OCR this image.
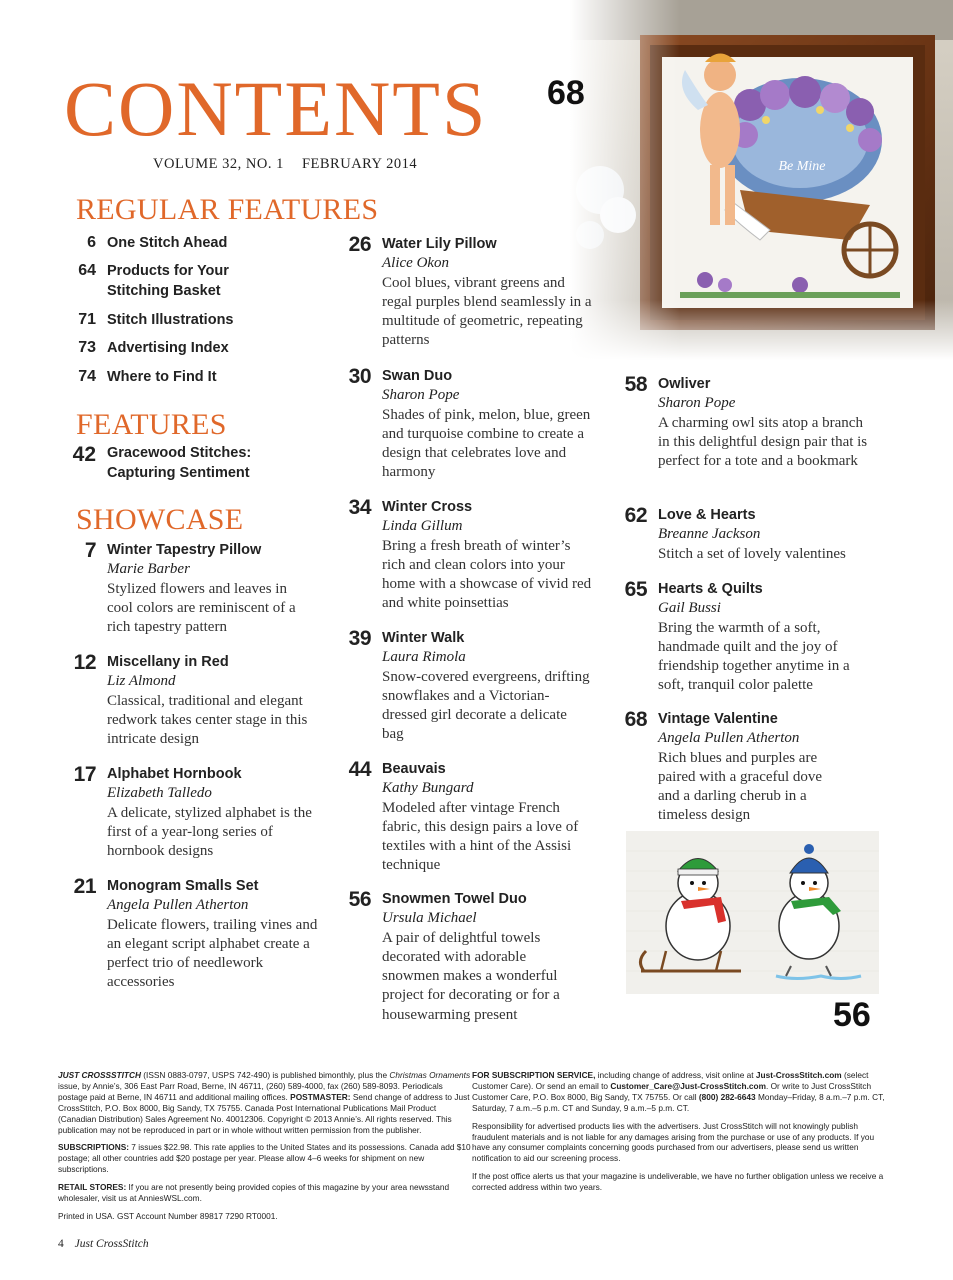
CONTENTS
VOLUME 32, NO. 1 FEBRUARY 2014	Be Mine
68
REGULAR FEATURES
FEATURES
SHOWCASE
6 One Stitch Ahead
64 Products for Your Stitching Basket
71 Stitch Illustrations
73 Advertising Index
74 Where to Find It
42 Gracewood Stitches: Capturing Sentiment
7 Winter Tapestry Pillow
Marie Barber
Stylized flowers and leaves in cool colors are reminiscent of a rich tapestry pattern
12 Miscellany in Red
Liz Almond
Classical, traditional and elegant redwork takes center stage in this intricate design
17 Alphabet Hornbook
Elizabeth Talledo
A delicate, stylized alphabet is the first of a year-long series of hornbook designs
21 Monogram Smalls Set
Angela Pullen Atherton
Delicate flowers, trailing vines and an elegant script alphabet create a perfect trio of needlework accessories
26 Water Lily Pillow
Alice Okon
Cool blues, vibrant greens and regal purples blend seamlessly in a multitude of geometric, repeating patterns
30 Swan Duo
Sharon Pope
Shades of pink, melon, blue, green and turquoise combine to create a design that celebrates love and harmony
34 Winter Cross
Linda Gillum
Bring a fresh breath of winter’s rich and clean colors into your home with a showcase of vivid red and white poinsettias
39 Winter Walk
Laura Rimola
Snow-covered evergreens, drifting snowflakes and a Victorian-dressed girl decorate a delicate bag
44 Beauvais
Kathy Bungard
Modeled after vintage French fabric, this design pairs a love of textiles with a hint of the Assisi technique
56 Snowmen Towel Duo
Ursula Michael
A pair of delightful towels decorated with adorable snowmen makes a wonderful project for decorating or for a housewarming present
58 Owliver
Sharon Pope
A charming owl sits atop a branch in this delightful design pair that is perfect for a tote and a bookmark
62 Love & Hearts
Breanne Jackson
Stitch a set of lovely valentines
65 Hearts & Quilts
Gail Bussi
Bring the warmth of a soft, handmade quilt and the joy of friendship together anytime in a soft, tranquil color palette
68 Vintage Valentine
Angela Pullen Atherton
Rich blues and purples are paired with a graceful dove and a darling cherub in a timeless design
56

JUST CROSSSTITCH (ISSN 0883-0797, USPS 742-490) is published bimonthly, plus the Christmas Ornaments issue, by Annie’s, 306 East Parr Road, Berne, IN 46711, (260) 589-4000, fax (260) 589-8093. Periodicals postage paid at Berne, IN 46711 and additional mailing offices. POSTMASTER: Send change of address to Just CrossStitch, P.O. Box 8000, Big Sandy, TX 75755. Canada Post International Publications Mail Product (Canadian Distribution) Sales Agreement No. 40012306. Copyright © 2013 Annie’s. All rights reserved. This publication may not be reproduced in part or in whole without written permission from the publisher.

SUBSCRIPTIONS: 7 issues $22.98. This rate applies to the United States and its possessions. Canada add $10 postage; all other countries add $20 postage per year. Please allow 4–6 weeks for shipment on new subscriptions.

RETAIL STORES: If you are not presently being provided copies of this magazine by your area newsstand wholesaler, visit us at AnniesWSL.com.

Printed in USA. GST Account Number 89817 7290 RT0001.

FOR SUBSCRIPTION SERVICE, including change of address, visit online at Just-CrossStitch.com (select Customer Care). Or send an email to Customer_Care@Just-CrossStitch.com. Or write to Just CrossStitch Customer Care, P.O. Box 8000, Big Sandy, TX 75755. Or call (800) 282-6643 Monday–Friday, 8 a.m.–7 p.m. CT, Saturday, 7 a.m.–5 p.m. CT and Sunday, 9 a.m.–5 p.m. CT.

Responsibility for advertised products lies with the advertisers. Just CrossStitch will not knowingly publish fraudulent materials and is not liable for any damages arising from the purchase or use of any products. If you have any consumer complaints concerning goods purchased from our advertisers, please send us written notification to aid our screening process.

If the post office alerts us that your magazine is undeliverable, we have no further obligation unless we receive a corrected address within two years.

4 Just CrossStitch
